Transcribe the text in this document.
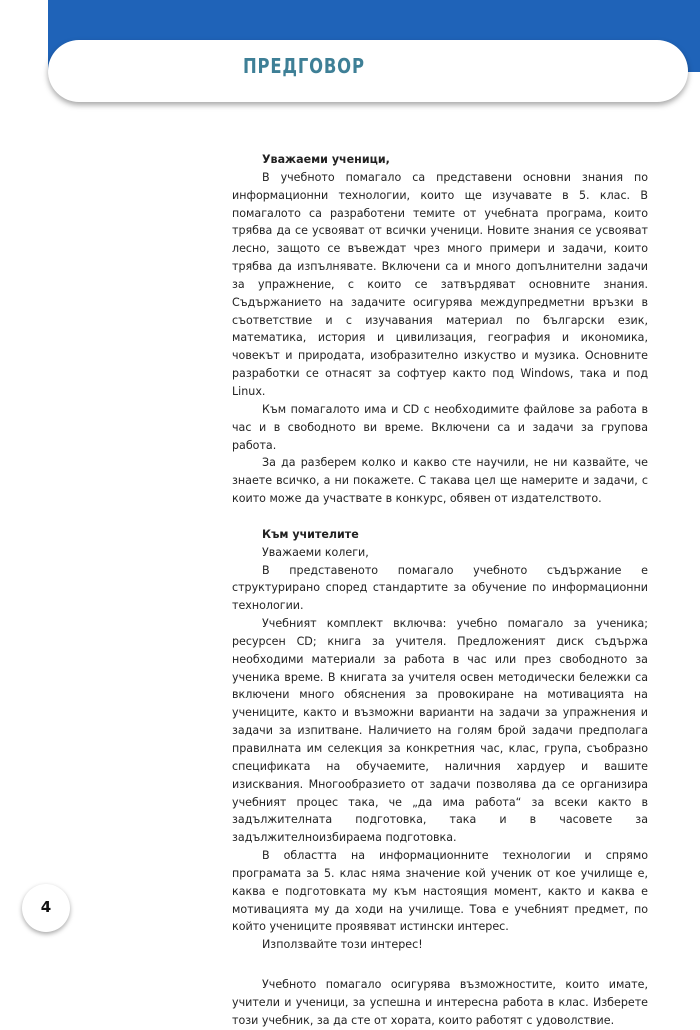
ПРЕДГОВОР
Уважаеми ученици,

В учебното помагало са представени основни знания по информационни технологии, които ще изучавате в 5. клас. В помагалото са разработени темите от учебната програма, които трябва да се усвояват от всички ученици. Новите знания се усвояват лесно, защото се въвеждат чрез много примери и задачи, които трябва да изпълнявате. Включени са и много допълнителни задачи за упражнение, с които се затвърдяват основните знания. Съдържанието на задачите осигурява междупредметни връзки в съответствие и с изучавания материал по български език, математика, история и цивилизация, география и икономика, човекът и природата, изобразително изкуство и музика. Основните разработки се отнасят за софтуер както под Windows, така и под Linux.

Към помагалото има и CD с необходимите файлове за работа в час и в свободното ви време. Включени са и задачи за групова работа.

За да разберем колко и какво сте научили, не ни казвайте, че знаете всичко, а ни покажете. С такава цел ще намерите и задачи, с които може да участвате в конкурс, обявен от издателството.

Към учителите

Уважаеми колеги,

В представеното помагало учебното съдържание е структурирано според стандартите за обучение по информационни технологии.

Учебният комплект включва: учебно помагало за ученика; ресурсен CD; книга за учителя. Предложеният диск съдържа необходими материали за работа в час или през свободното за ученика време. В книгата за учителя освен методически бележки са включени много обяснения за провокиране на мотивацията на учениците, както и възможни варианти на задачи за упражнения и задачи за изпитване. Наличието на голям брой задачи предполага правилната им селекция за конкретния час, клас, група, съобразно спецификата на обучаемите, наличния хардуер и вашите изисквания. Многообразието от задачи позволява да се организира учебният процес така, че „да има работа“ за всеки както в задължителната подготовка, така и в часовете за задължителноизбираема подготовка.

В областта на информационните технологии и спрямо програмата за 5. клас няма значение кой ученик от кое училище е, каква е подготовката му към настоящия момент, както и каква е мотивацията му да ходи на училище. Това е учебният предмет, по който учениците проявяват истински интерес.

Използвайте този интерес!

Учебното помагало осигурява възможностите, които имате, учители и ученици, за успешна и интересна работа в клас. Изберете този учебник, за да сте от хората, които работят с удоволствие.

4
